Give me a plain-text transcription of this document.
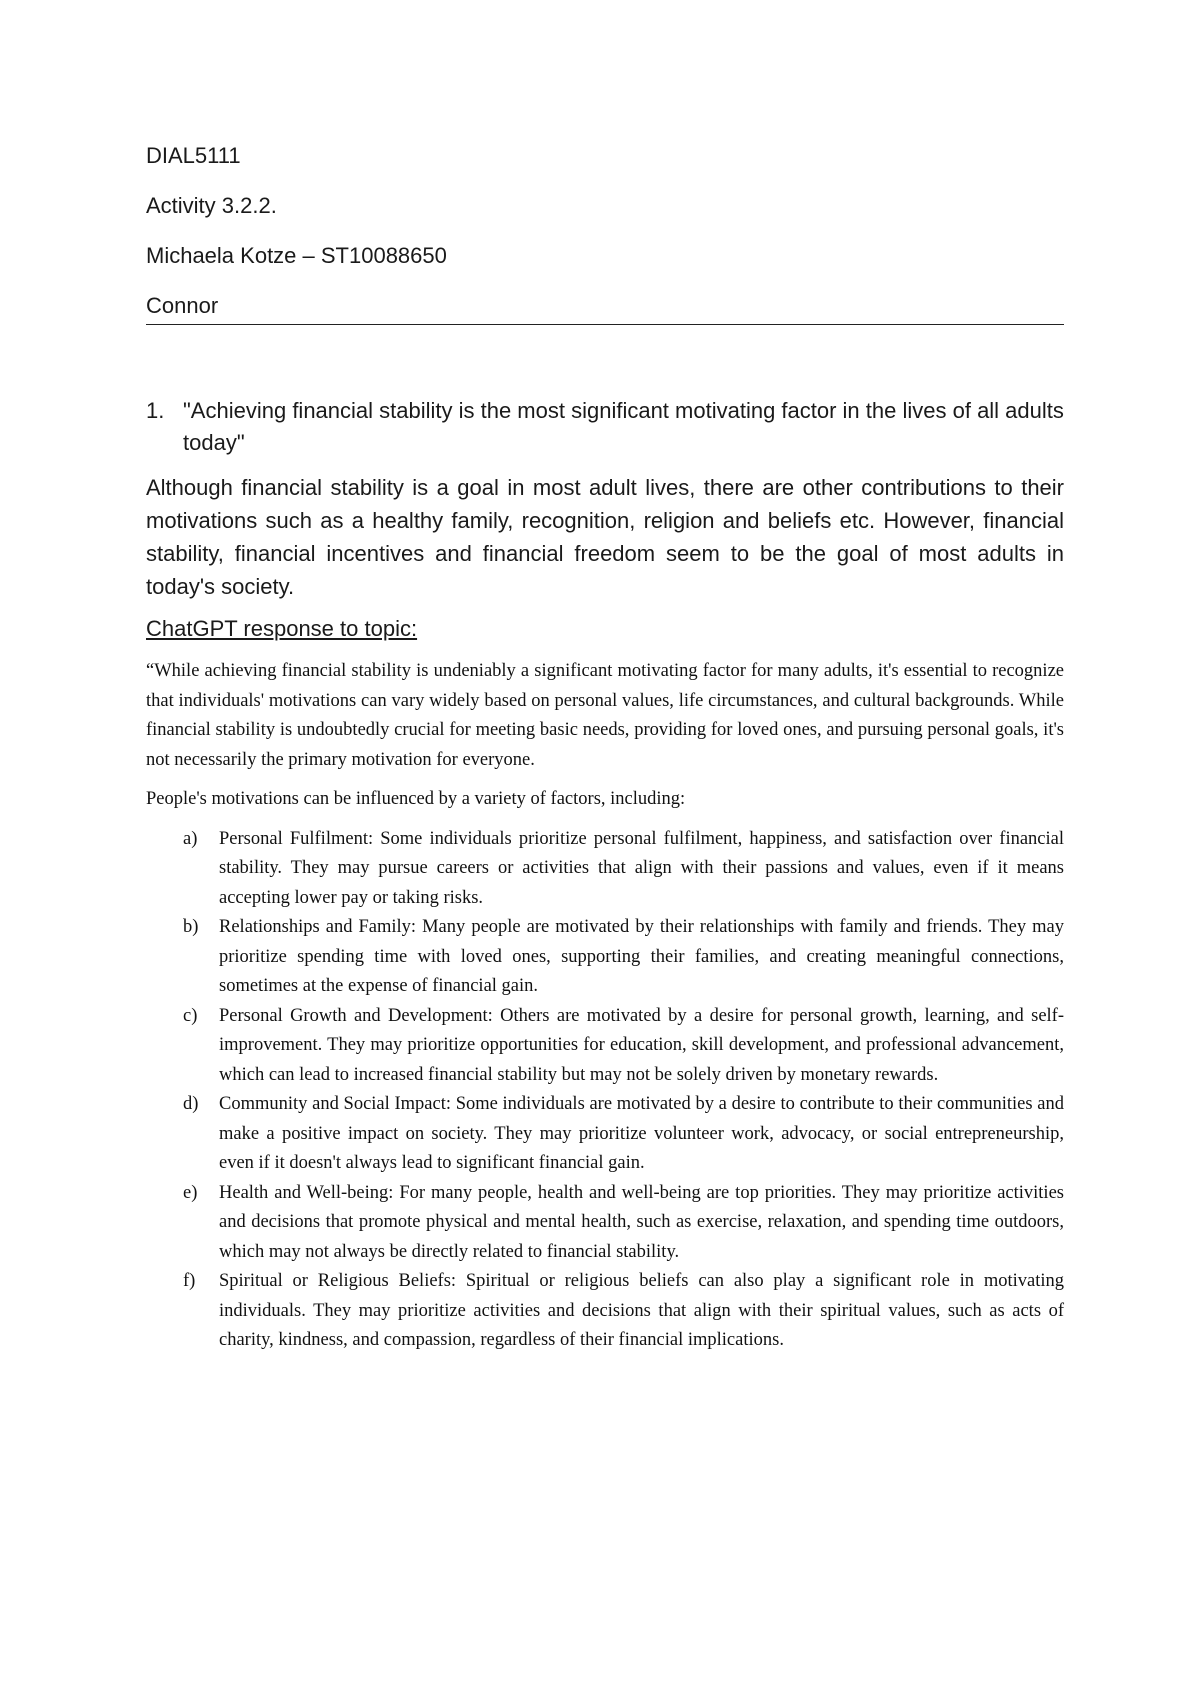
DIAL5111
Activity 3.2.2.
Michaela Kotze – ST10088650
Connor
1. "Achieving financial stability is the most significant motivating factor in the lives of all adults today"
Although financial stability is a goal in most adult lives, there are other contributions to their motivations such as a healthy family, recognition, religion and beliefs etc. However, financial stability, financial incentives and financial freedom seem to be the goal of most adults in today's society.
ChatGPT response to topic:
“While achieving financial stability is undeniably a significant motivating factor for many adults, it's essential to recognize that individuals' motivations can vary widely based on personal values, life circumstances, and cultural backgrounds. While financial stability is undoubtedly crucial for meeting basic needs, providing for loved ones, and pursuing personal goals, it's not necessarily the primary motivation for everyone.
People's motivations can be influenced by a variety of factors, including:
a)	Personal Fulfilment: Some individuals prioritize personal fulfilment, happiness, and satisfaction over financial stability. They may pursue careers or activities that align with their passions and values, even if it means accepting lower pay or taking risks.
b)	Relationships and Family: Many people are motivated by their relationships with family and friends. They may prioritize spending time with loved ones, supporting their families, and creating meaningful connections, sometimes at the expense of financial gain.
c)	Personal Growth and Development: Others are motivated by a desire for personal growth, learning, and self-improvement. They may prioritize opportunities for education, skill development, and professional advancement, which can lead to increased financial stability but may not be solely driven by monetary rewards.
d)	Community and Social Impact: Some individuals are motivated by a desire to contribute to their communities and make a positive impact on society. They may prioritize volunteer work, advocacy, or social entrepreneurship, even if it doesn't always lead to significant financial gain.
e)	Health and Well-being: For many people, health and well-being are top priorities. They may prioritize activities and decisions that promote physical and mental health, such as exercise, relaxation, and spending time outdoors, which may not always be directly related to financial stability.
f)	Spiritual or Religious Beliefs: Spiritual or religious beliefs can also play a significant role in motivating individuals. They may prioritize activities and decisions that align with their spiritual values, such as acts of charity, kindness, and compassion, regardless of their financial implications.
